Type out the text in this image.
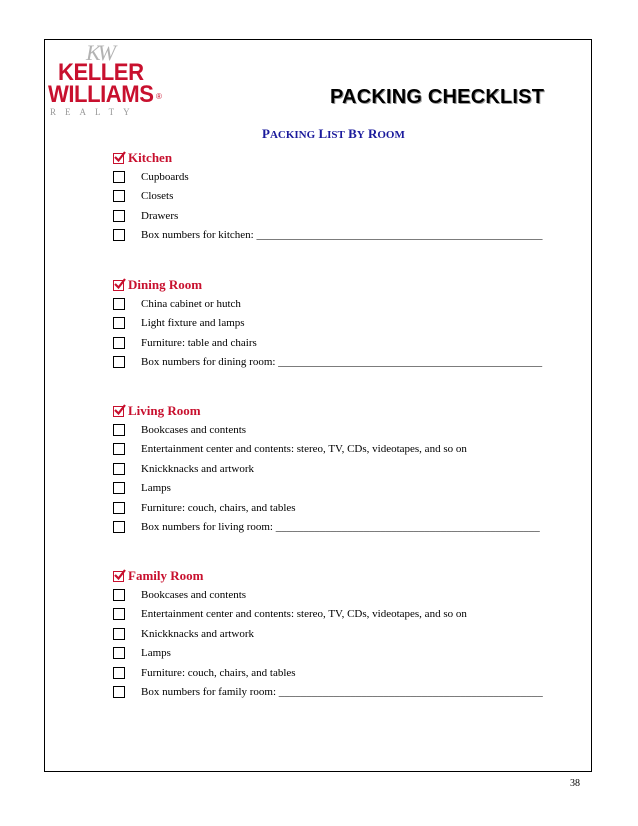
KW
KELLER
WILLIAMS ®
REALTY
PACKING CHECKLIST
PACKING LIST BY ROOM
Kitchen
Cupboards
Closets
Drawers
Box numbers for kitchen: ____________________________________________________
Dining Room
China cabinet or hutch
Light fixture and lamps
Furniture: table and chairs
Box numbers for dining room: ________________________________________________
Living Room
Bookcases and contents
Entertainment center and contents: stereo, TV, CDs, videotapes, and so on
Knickknacks and artwork
Lamps
Furniture: couch, chairs, and tables
Box numbers for living room: ________________________________________________
Family Room
Bookcases and contents
Entertainment center and contents: stereo, TV, CDs, videotapes, and so on
Knickknacks and artwork
Lamps
Furniture: couch, chairs, and tables
Box numbers for family room: ________________________________________________
38
